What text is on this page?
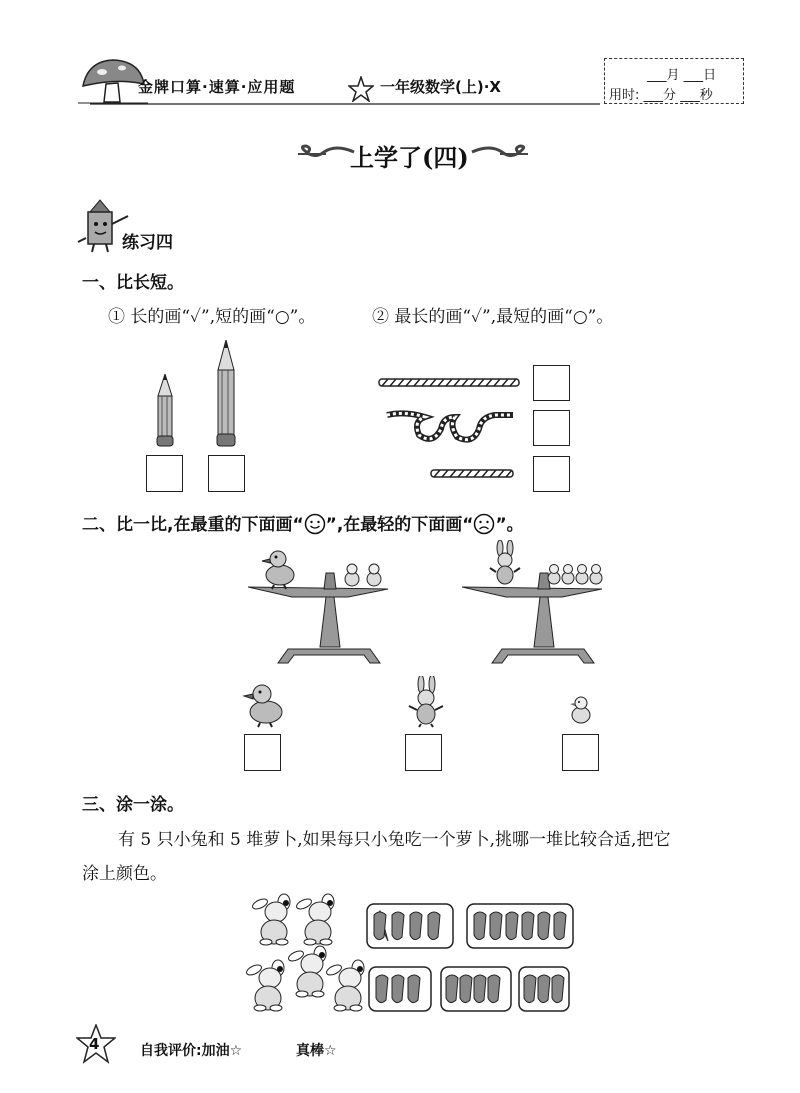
金牌口算·速算·应用题	一年级数学(上)·X
___月 ___日
用时: ___分 ___秒
上学了(四)
练习四
一、比长短。
① 长的画“✓”,短的画“○”。	② 最长的画“✓”,最短的画“○”。
二、比一比,在最重的下面画“ ”,在最轻的下面画“ ”。
三、涂一涂。
有 5 只小兔和 5 堆萝卜,如果每只小兔吃一个萝卜,挑哪一堆比较合适,把它
涂上颜色。
4	自我评价:加油☆	真棒☆
